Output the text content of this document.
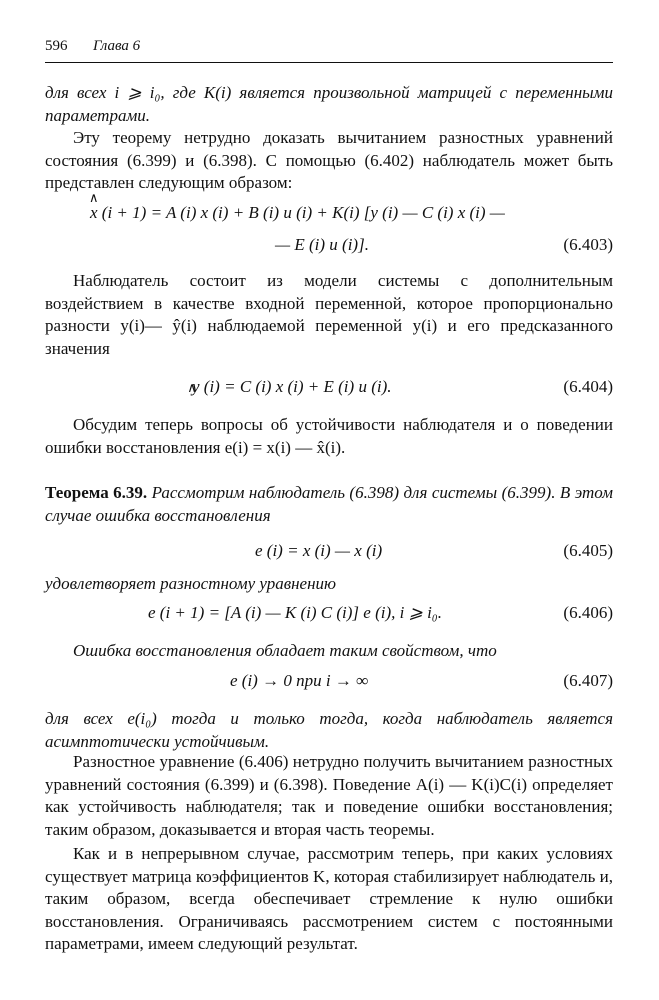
596 Глава 6

для всех i ⩾ i₀, где K(i) является произвольной матрицей с переменными параметрами.

Эту теорему нетрудно доказать вычитанием разностных уравнений состояния (6.399) и (6.398). С помощью (6.402) наблюдатель может быть представлен следующим образом:

∧ x (i + 1) = A (i) x (i) + B (i) u (i) + K(i) [y (i) — C (i) x (i) —
— E (i) u (i)].	(6.403)

Наблюдатель состоит из модели системы с дополнительным воздействием в качестве входной переменной, которое пропорционально разности y(i)— ŷ(i) наблюдаемой переменной y(i) и его предсказанного значения

y (i) = C (i) x (i) + E (i) u (i).	(6.404)

Обсудим теперь вопросы об устойчивости наблюдателя и о поведении ошибки восстановления e(i) = x(i) — x̂(i).

Теорема 6.39. Рассмотрим наблюдатель (6.398) для системы (6.399). В этом случае ошибка восстановления

e (i) = x (i) — x (i)	(6.405)

удовлетворяет разностному уравнению

e (i + 1) = [A (i) — K (i) C (i)] e (i), i ⩾ i₀.	(6.406)

Ошибка восстановления обладает таким свойством, что

e (i) → 0 при i → ∞	(6.407)

для всех e(i₀) тогда и только тогда, когда наблюдатель является асимптотически устойчивым.

Разностное уравнение (6.406) нетрудно получить вычитанием разностных уравнений состояния (6.399) и (6.398). Поведение A(i) — K(i)C(i) определяет как устойчивость наблюдателя; так и поведение ошибки восстановления; таким образом, доказывается и вторая часть теоремы.

Как и в непрерывном случае, рассмотрим теперь, при каких условиях существует матрица коэффициентов K, которая стабилизирует наблюдатель и, таким образом, всегда обеспечивает стремление к нулю ошибки восстановления. Ограничиваясь рассмотрением систем с постоянными параметрами, имеем следующий результат.
